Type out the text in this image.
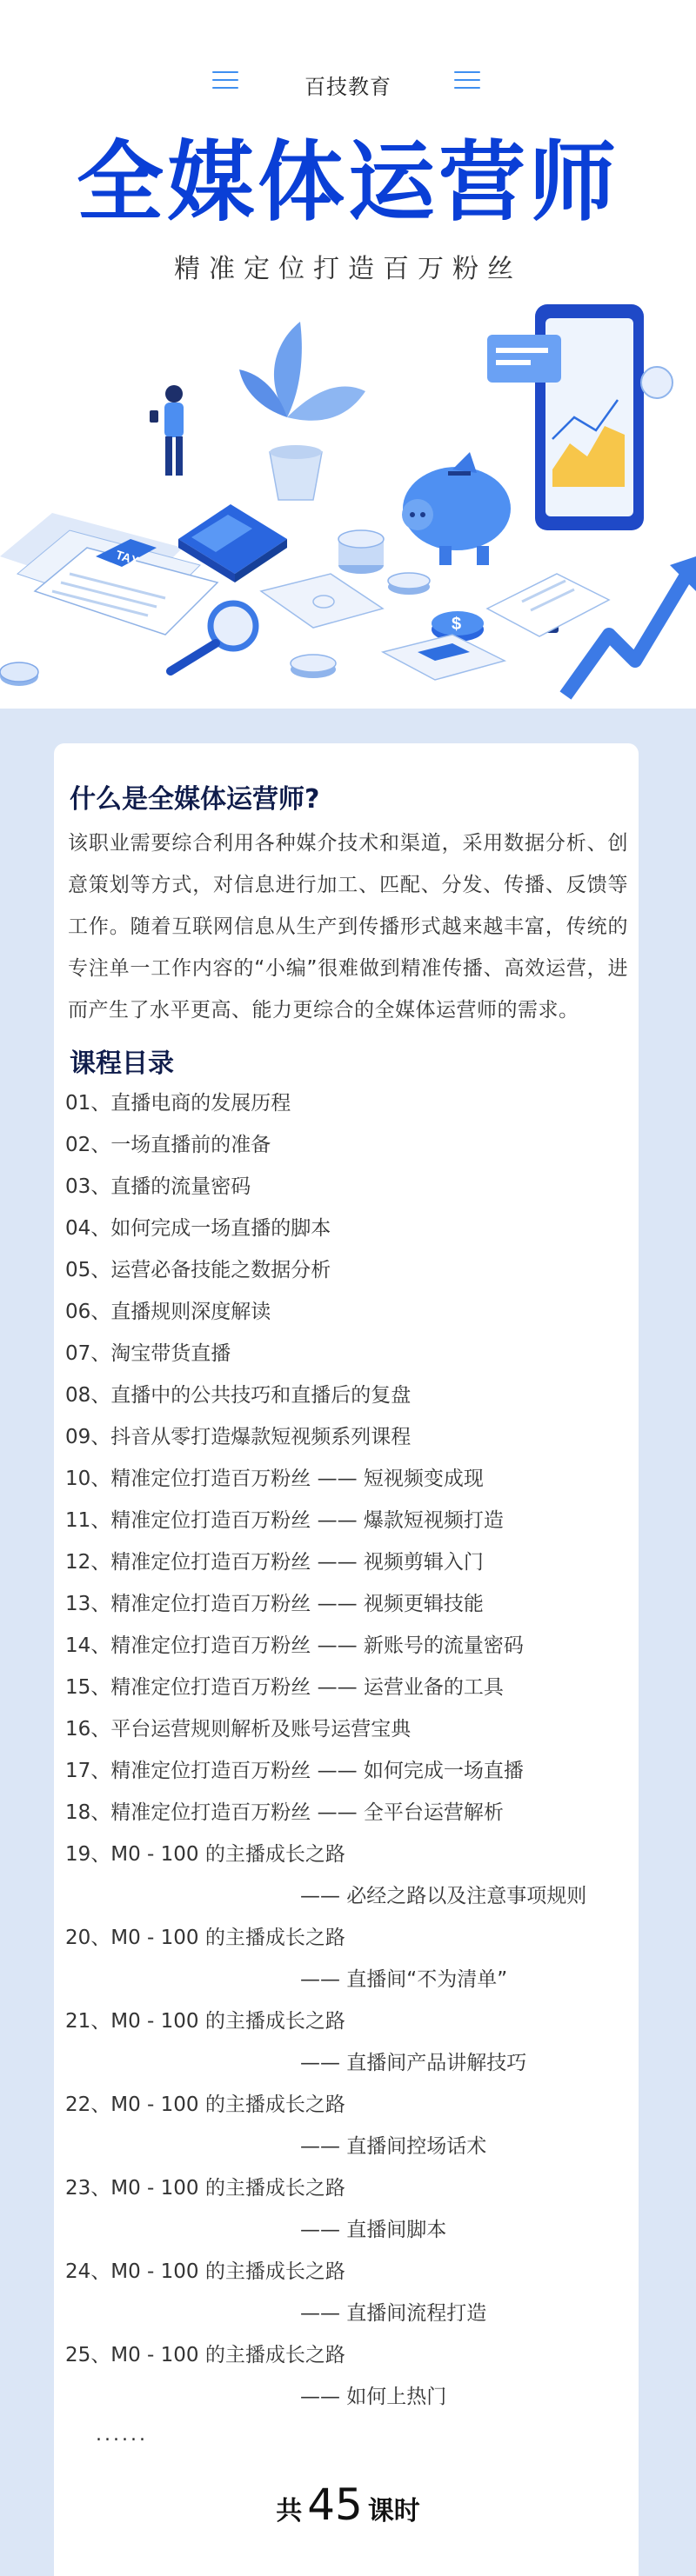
百技教育
全媒体运营师
精准定位打造百万粉丝
TAX
$
什么是全媒体运营师?

该职业需要综合利用各种媒介技术和渠道，采用数据分析、创意策划等方式，对信息进行加工、匹配、分发、传播、反馈等工作。随着互联网信息从生产到传播形式越来越丰富，传统的专注单一工作内容的“小编”很难做到精准传播、高效运营，进而产生了水平更高、能力更综合的全媒体运营师的需求。

课程目录
01、直播电商的发展历程
02、一场直播前的准备
03、直播的流量密码
04、如何完成一场直播的脚本
05、运营必备技能之数据分析
06、直播规则深度解读
07、淘宝带货直播
08、直播中的公共技巧和直播后的复盘
09、抖音从零打造爆款短视频系列课程
10、精准定位打造百万粉丝 —— 短视频变成现
11、精准定位打造百万粉丝 —— 爆款短视频打造
12、精准定位打造百万粉丝 —— 视频剪辑入门
13、精准定位打造百万粉丝 —— 视频更辑技能
14、精准定位打造百万粉丝 —— 新账号的流量密码
15、精准定位打造百万粉丝 —— 运营业备的工具
16、平台运营规则解析及账号运营宝典
17、精准定位打造百万粉丝 —— 如何完成一场直播
18、精准定位打造百万粉丝 —— 全平台运营解析
19、M0 - 100 的主播成长之路
—— 必经之路以及注意事项规则
20、M0 - 100 的主播成长之路
—— 直播间“不为清单”
21、M0 - 100 的主播成长之路
—— 直播间产品讲解技巧
22、M0 - 100 的主播成长之路
—— 直播间控场话术
23、M0 - 100 的主播成长之路
—— 直播间脚本
24、M0 - 100 的主播成长之路
—— 直播间流程打造
25、M0 - 100 的主播成长之路
—— 如何上热门
......
共 45 课时
